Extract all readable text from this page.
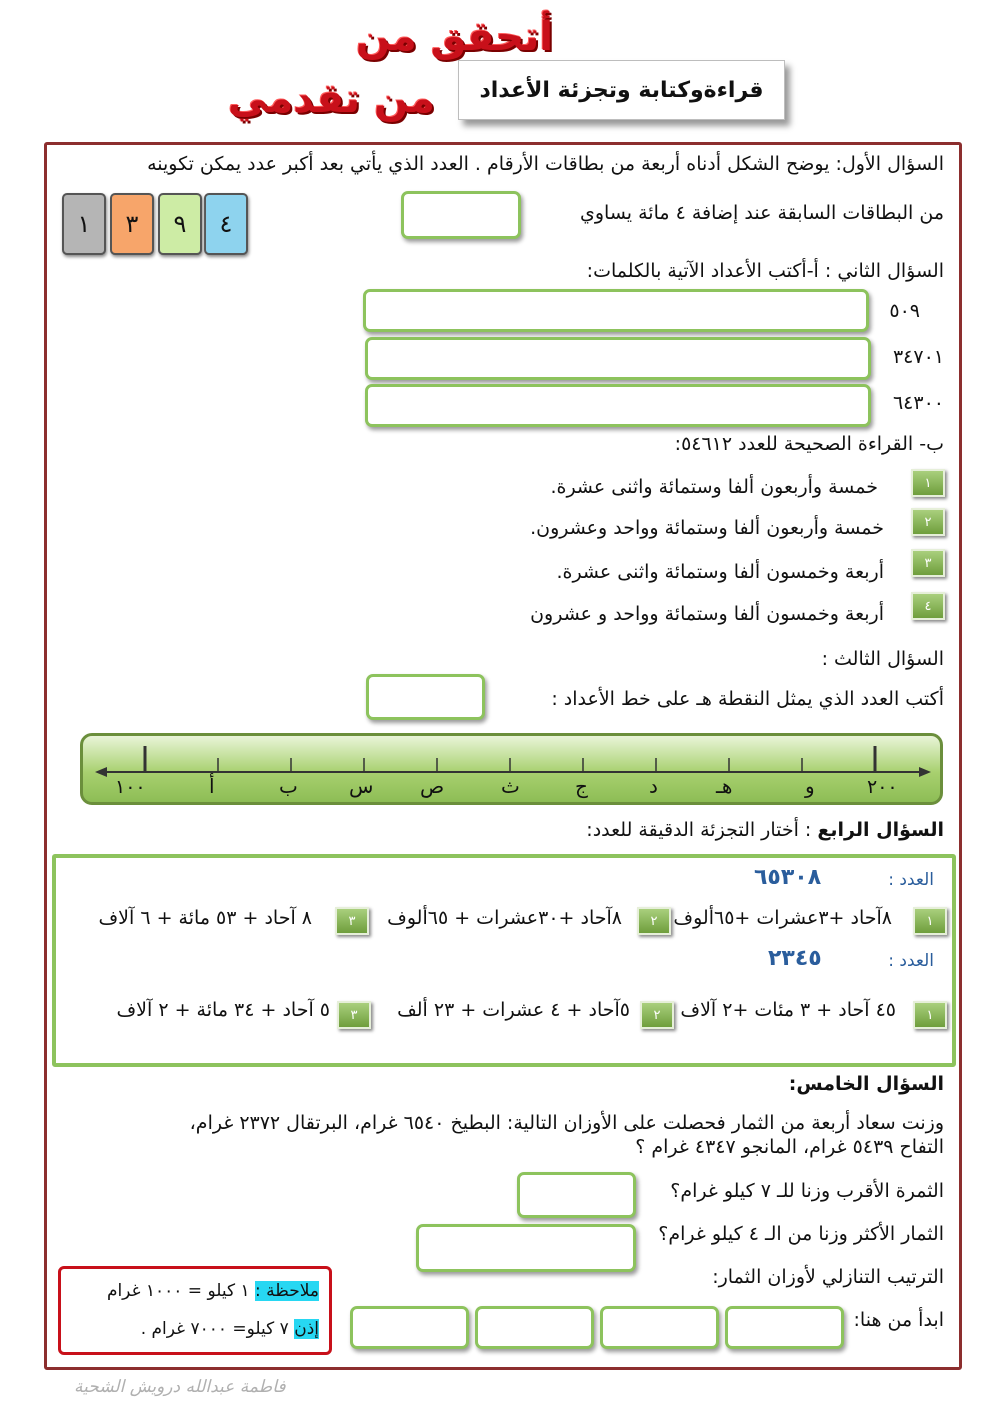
أتحقق من
من تقدمي	قراءةوكتابة وتجزئة الأعداد
السؤال الأول: يوضح الشكل أدناه أربعة من بطاقات الأرقام . العدد الذي يأتي بعد أكبر عدد يمكن تكوينه
من البطاقات السابقة عند إضافة ٤ مائة يساوي
٤
٩
٣
١
السؤال الثاني : أ-أكتب الأعداد الآتية بالكلمات:
٥٠٩
٣٤٧٠١
٦٤٣٠٠
ب- القراءة الصحيحة للعدد ٥٤٦١٢:
١
خمسة وأربعون ألفا وستمائة واثنى عشرة.
٢
خمسة وأربعون ألفا وستمائة وواحد وعشرون.
٣
أربعة وخمسون ألفا وستمائة واثنى عشرة.
٤
أربعة وخمسون ألفا وستمائة وواحد و عشرون
السؤال الثالث :
أكتب العدد الذي يمثل النقطة هـ على خط الأعداد :
١٠٠	أ	ب	س ص	ث	ج	د	هـ	و	٢٠٠
السؤال الرابع : أختار التجزئة الدقيقة للعدد:
العدد :
٦٥٣٠٨
١
٨آحاد +٣عشرات +٦٥ألوف
٢
٨آحاد +٣٠عشرات + ٦٥ألوف
٣
٨ آحاد + ٥٣ مائة + ٦ آلاف
العدد :
٢٣٤٥
١
٤٥ آحاد + ٣ مئات +٢ آلاف
٢
٥آحاد + ٤ عشرات + ٢٣ ألف
٣
٥ آحاد + ٣٤ مائة + ٢ آلاف
السؤال الخامس:
وزنت سعاد أربعة من الثمار فحصلت على الأوزان التالية: البطيخ ٦٥٤٠ غرام، البرتقال ٢٣٧٢ غرام،
التفاح ٥٤٣٩ غرام، المانجو ٤٣٤٧ غرام ؟
الثمرة الأقرب وزنا للـ ٧ كيلو غرام؟
الثمار الأكثر وزنا من الـ ٤ كيلو غرام؟
الترتيب التنازلي لأوزان الثمار:
ابدأ من هنا:
ملاحظة : ١ كيلو = ١٠٠٠ غرام
إذن ٧ كيلو= ٧٠٠٠ غرام .
فاطمة عبدالله درويش الشحية
